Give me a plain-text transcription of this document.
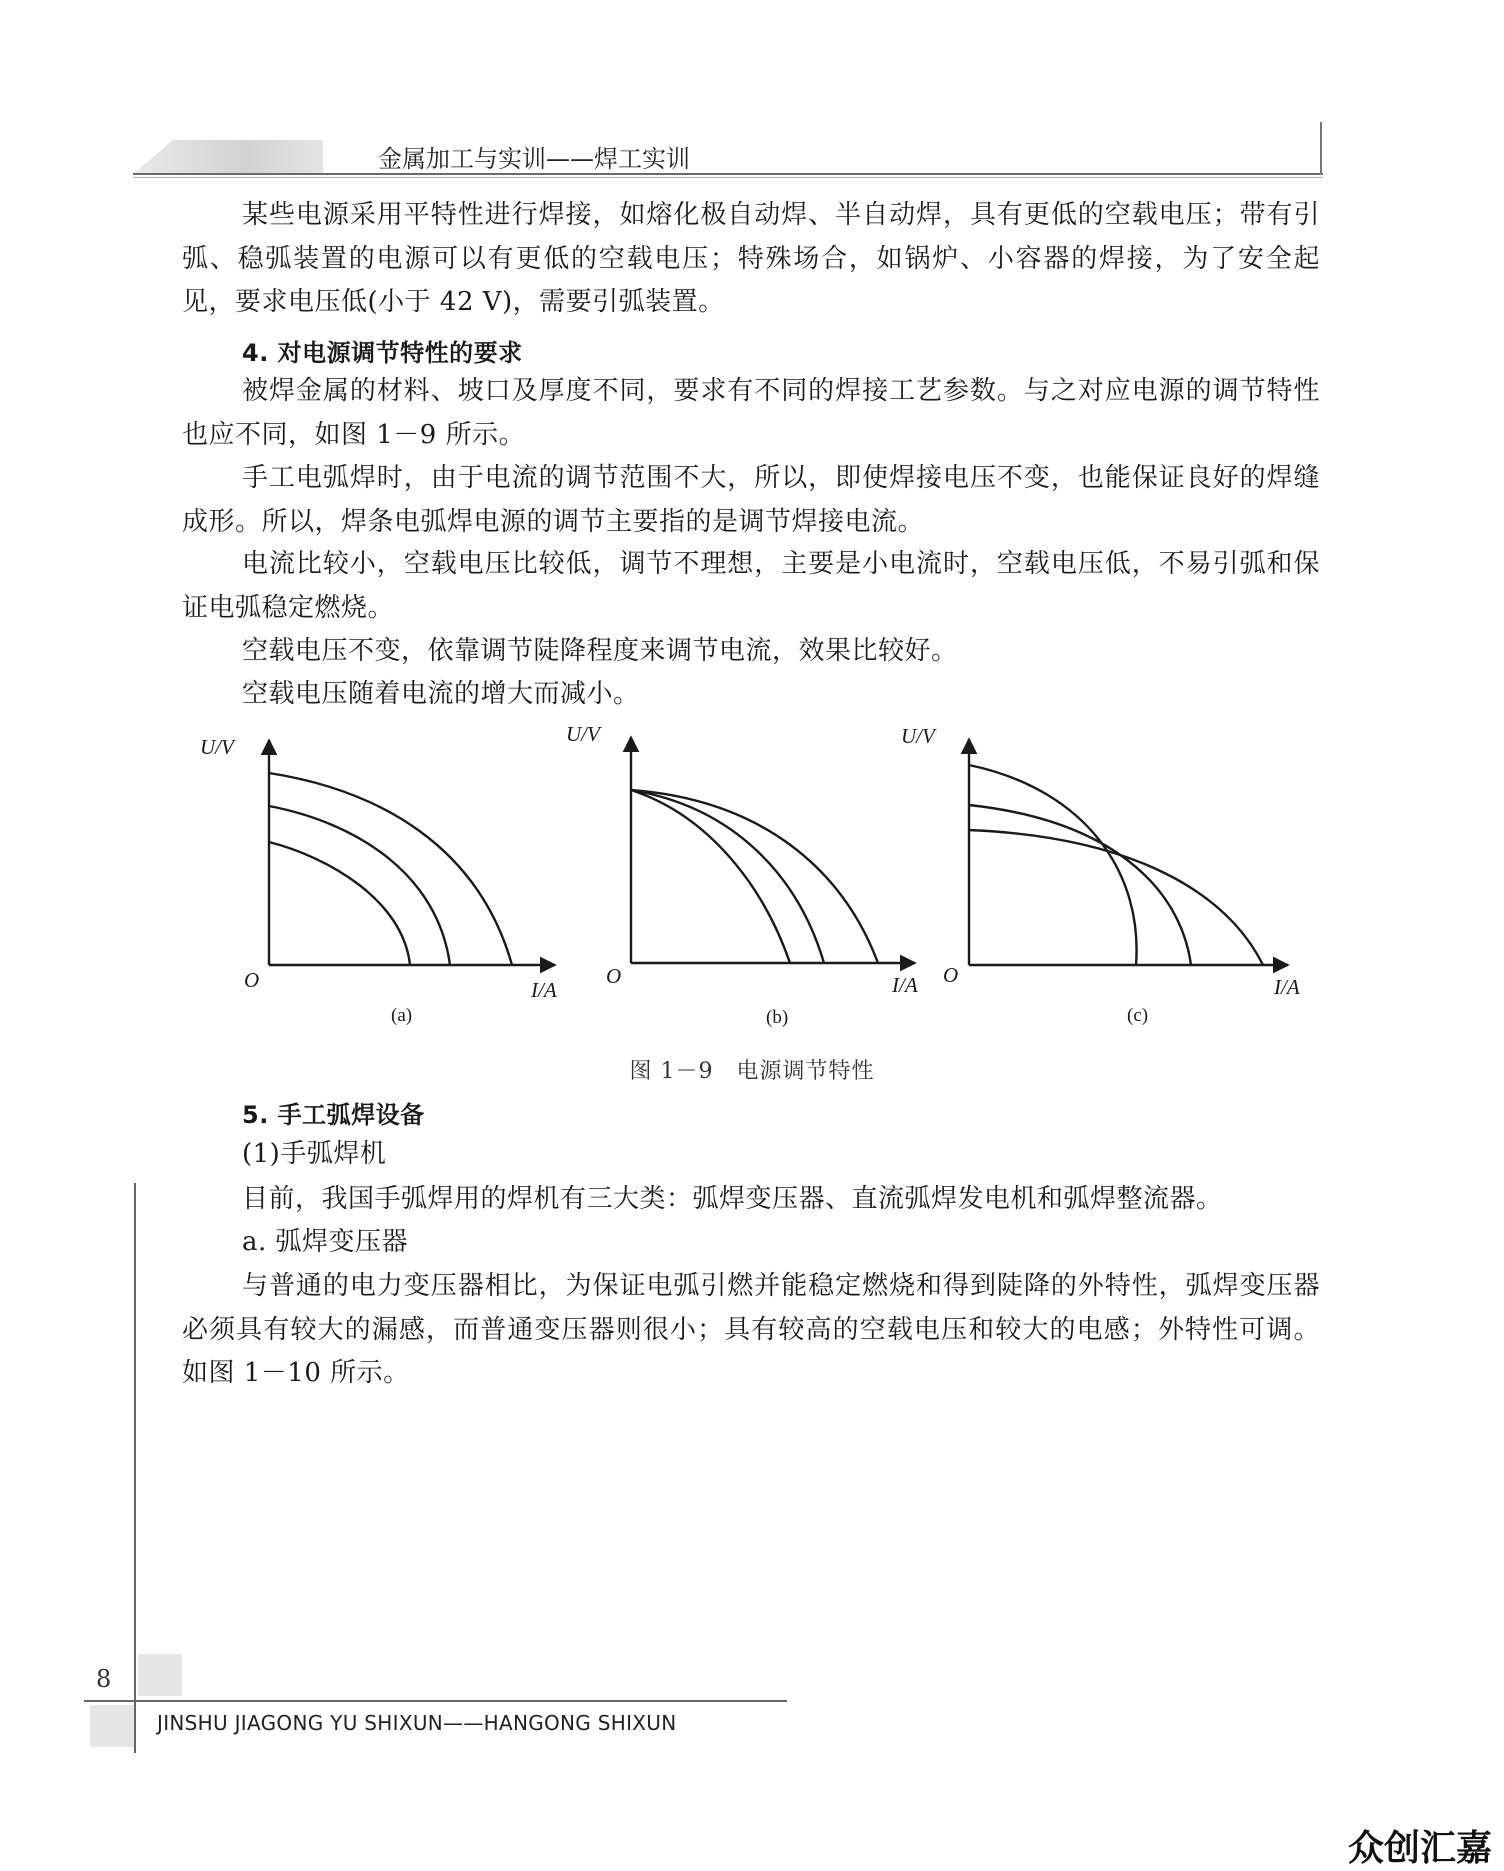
金属加工与实训——焊工实训

某些电源采用平特性进行焊接，如熔化极自动焊、半自动焊，具有更低的空载电压；带有引弧、稳弧装置的电源可以有更低的空载电压；特殊场合，如锅炉、小容器的焊接，为了安全起见，要求电压低(小于 42 V)，需要引弧装置。

4. 对电源调节特性的要求

被焊金属的材料、坡口及厚度不同，要求有不同的焊接工艺参数。与之对应电源的调节特性也应不同，如图 1－9 所示。

手工电弧焊时，由于电流的调节范围不大，所以，即使焊接电压不变，也能保证良好的焊缝成形。所以，焊条电弧焊电源的调节主要指的是调节焊接电流。

电流比较小，空载电压比较低，调节不理想，主要是小电流时，空载电压低，不易引弧和保证电弧稳定燃烧。

空载电压不变，依靠调节陡降程度来调节电流，效果比较好。

空载电压随着电流的增大而减小。

U/V
O	I/A
(a)
U/V
O	I/A
(b)
U/V
O	I/A
(c)
图 1－9　电源调节特性

5. 手工弧焊设备

(1)手弧焊机

目前，我国手弧焊用的焊机有三大类：弧焊变压器、直流弧焊发电机和弧焊整流器。

a. 弧焊变压器

与普通的电力变压器相比，为保证电弧引燃并能稳定燃烧和得到陡降的外特性，弧焊变压器必须具有较大的漏感，而普通变压器则很小；具有较高的空载电压和较大的电感；外特性可调。如图 1－10 所示。

8
JINSHU JIAGONG YU SHIXUN——HANGONG SHIXUN
众创汇嘉
